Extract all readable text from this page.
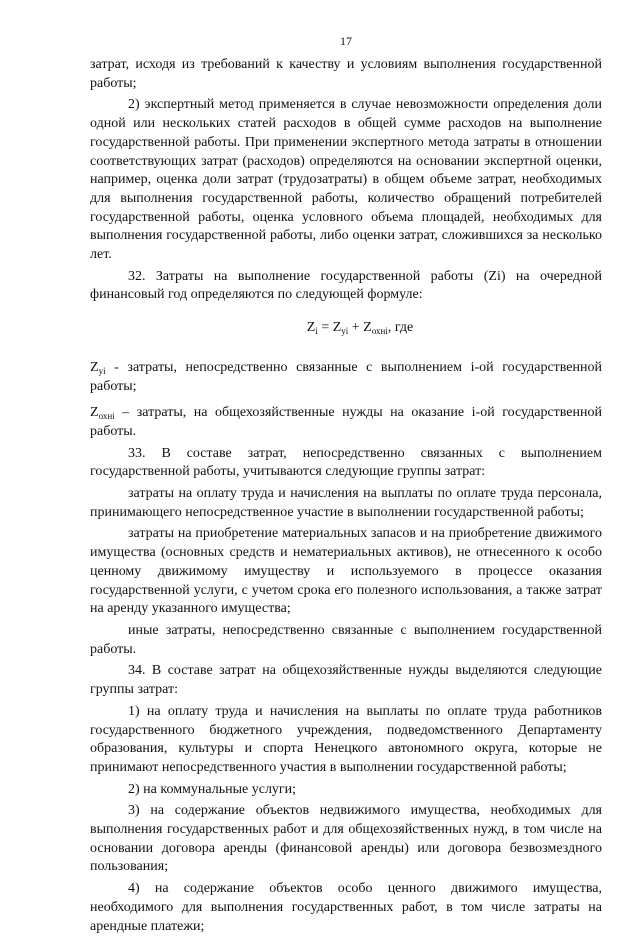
17

затрат, исходя из требований к качеству и условиям выполнения государственной работы;

2) экспертный метод применяется в случае невозможности определения доли одной или нескольких статей расходов в общей сумме расходов на выполнение государственной работы. При применении экспертного метода затраты в отношении соответствующих затрат (расходов) определяются на основании экспертной оценки, например, оценка доли затрат (трудозатраты) в общем объеме затрат, необходимых для выполнения государственной работы, количество обращений потребителей государственной работы, оценка условного объема площадей, необходимых для выполнения государственной работы, либо оценки затрат, сложившихся за несколько лет.

32. Затраты на выполнение государственной работы (Zi) на очередной финансовый год определяются по следующей формуле:

$Z_i = Z_{yi} + Z_{охні}$, где

$Z_{yi}$ - затраты, непосредственно связанные с выполнением i-ой государственной работы;

$Z_{охні}$ – затраты, на общехозяйственные нужды на оказание i-ой государственной работы.

33. В составе затрат, непосредственно связанных с выполнением государственной работы, учитываются следующие группы затрат:

затраты на оплату труда и начисления на выплаты по оплате труда персонала, принимающего непосредственное участие в выполнении государственной работы;

затраты на приобретение материальных запасов и на приобретение движимого имущества (основных средств и нематериальных активов), не отнесенного к особо ценному движимому имуществу и используемого в процессе оказания государственной услуги, с учетом срока его полезного использования, а также затрат на аренду указанного имущества;

иные затраты, непосредственно связанные с выполнением государственной работы.

34. В составе затрат на общехозяйственные нужды выделяются следующие группы затрат:

1) на оплату труда и начисления на выплаты по оплате труда работников государственного бюджетного учреждения, подведомственного Департаменту образования, культуры и спорта Ненецкого автономного округа, которые не принимают непосредственного участия в выполнении государственной работы;

2) на коммунальные услуги;

3) на содержание объектов недвижимого имущества, необходимых для выполнения государственных работ и для общехозяйственных нужд, в том числе на основании договора аренды (финансовой аренды) или договора безвозмездного пользования;

4) на содержание объектов особо ценного движимого имущества, необходимого для выполнения государственных работ, в том числе затраты на арендные платежи;
